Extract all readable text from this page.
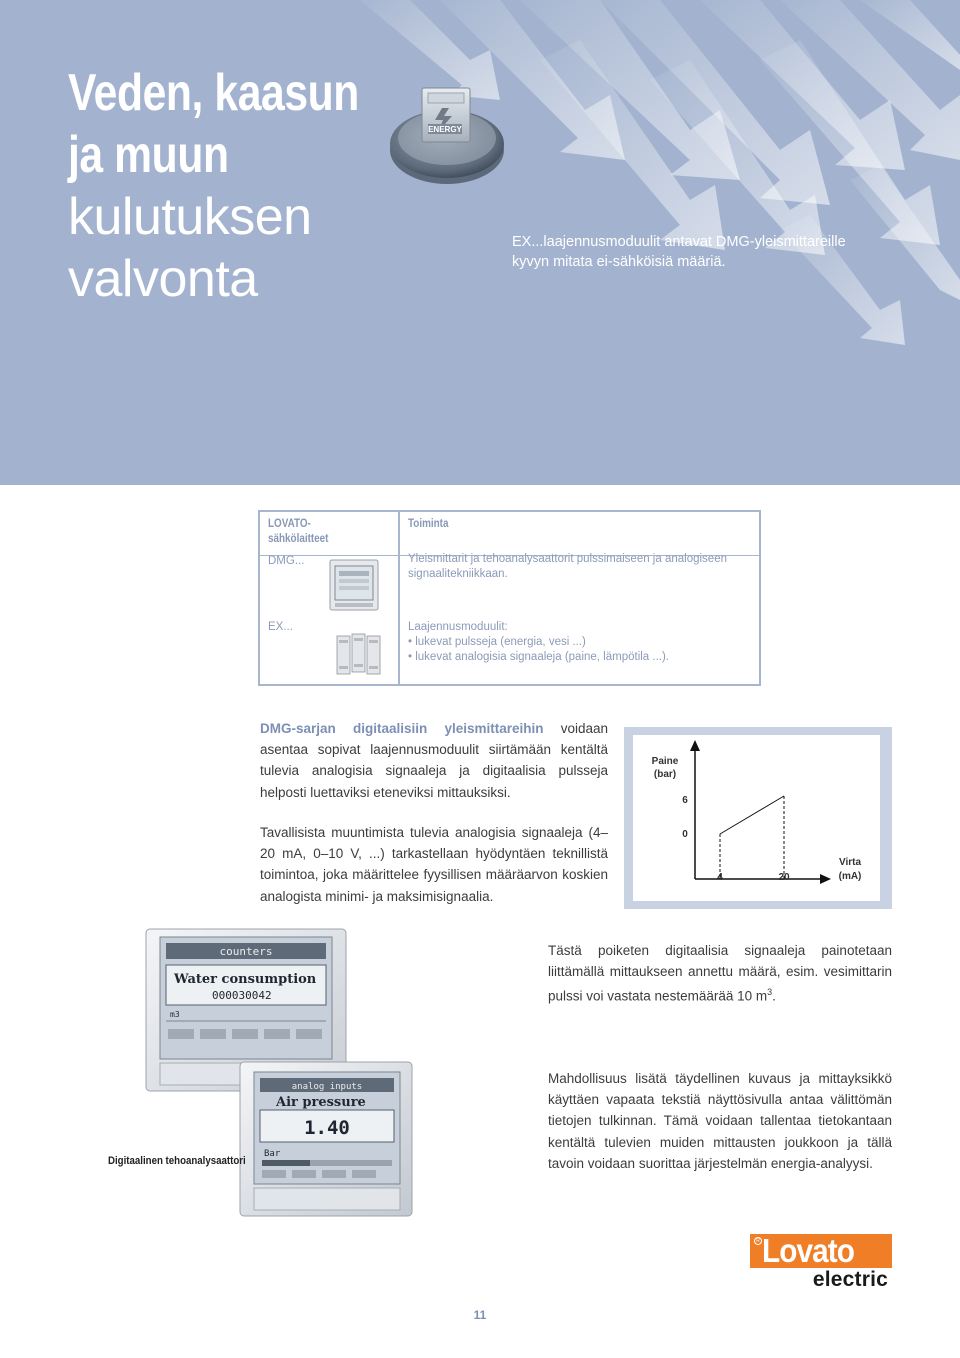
Veden, kaasun
ja muun
kulutuksen
valvonta
ENERGY
EX...laajennusmoduulit antavat DMG-yleismittareille kyvyn mitata ei-sähköisiä määriä.
LOVATO-sähkölaitteet
Toiminta
DMG...	Yleismittarit ja tehoanalysaattorit pulssimaiseen ja analogiseen signaalitekniikkaan.
EX...	Laajennusmoduulit:
• lukevat pulsseja (energia, vesi ...)
• lukevat analogisia signaaleja (paine, lämpötila ...).
DMG-sarjan digitaalisiin yleismittareihin voidaan asentaa sopivat laajennusmoduulit siirtämään kentältä tulevia analogisia signaaleja ja digitaalisia pulsseja helposti luettaviksi eteneviksi mittauksiksi.
Tavallisista muuntimista tulevia analogisia signaaleja (4–20 mA, 0–10 V, ...) tarkastellaan hyödyntäen teknillistä toimintoa, joka määrittelee fyysillisen määräarvon koskien analogista minimi- ja maksimisignaalia.
Paine
(bar)
Virta
(mA)
6
0
4	20
counters
Water consumption
000030042
m3
analog inputs
Air pressure
1.40
Bar
Digitaalinen tehoanalysaattori
Tästä poiketen digitaalisia signaaleja painotetaan liittämällä mittaukseen annettu määrä, esim. vesimittarin pulssi voi vastata nestemäärää 10 $m^3$.
Mahdollisuus lisätä täydellinen kuvaus ja mittayksikkö käyttäen vapaata tekstiä näyttösivulla antaa välittömän tietojen tulkinnan. Tämä voidaan tallentaa tietokantaan kentältä tulevien muiden mittausten joukkoon ja tällä tavoin voidaan suorittaa järjestelmän energia-analyysi.
R Lovato
electric
11
